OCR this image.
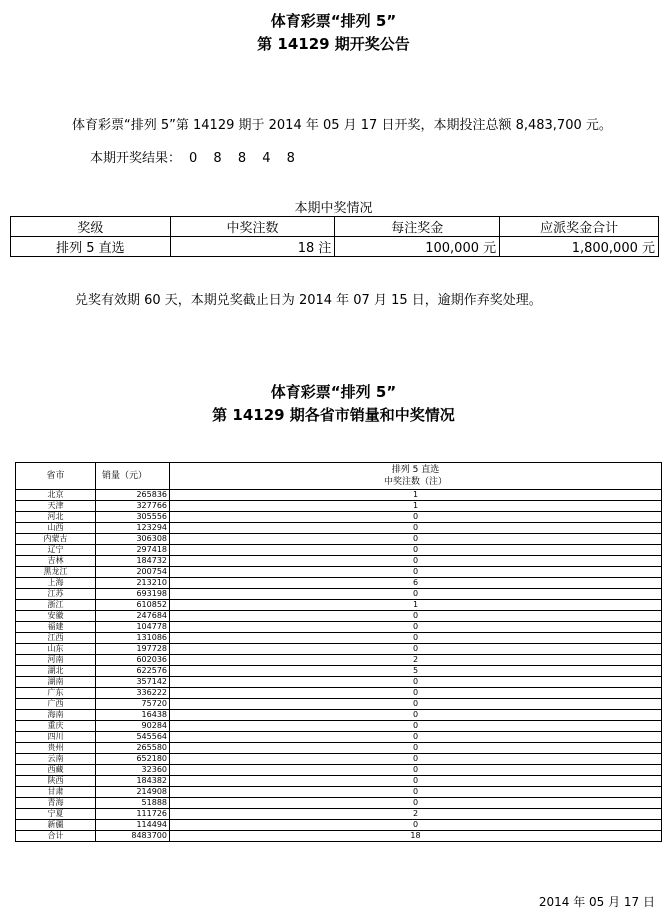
体育彩票“排列 5”
第 14129 期开奖公告
体育彩票“排列 5”第 14129 期于 2014 年 05 月 17 日开奖，本期投注总额 8,483,700 元。
本期开奖结果： 0 8 8 4 8
本期中奖情况
奖级	中奖注数	每注奖金	应派奖金合计
排列 5 直选	18 注	100,000 元	1,800,000 元
兑奖有效期 60 天，本期兑奖截止日为 2014 年 07 月 15 日，逾期作弃奖处理。
体育彩票“排列 5”
第 14129 期各省市销量和中奖情况
省市	销量（元）	排列 5 直选
中奖注数（注）

北京	265836	1
天津	327766	1
河北	305556	0
山西	123294	0
内蒙古	306308	0
辽宁	297418	0
吉林	184732	0
黑龙江	200754	0
上海	213210	6
江苏	693198	0
浙江	610852	1
安徽	247684	0
福建	104778	0
江西	131086	0
山东	197728	0
河南	602036	2
湖北	622576	5
湖南	357142	0
广东	336222	0
广西	75720	0
海南	16438	0
重庆	90284	0
四川	545564	0
贵州	265580	0
云南	652180	0
西藏	32360	0
陕西	184382	0
甘肃	214908	0
青海	51888	0
宁夏	111726	2
新疆	114494	0
合计	8483700	18
2014 年 05 月 17 日
